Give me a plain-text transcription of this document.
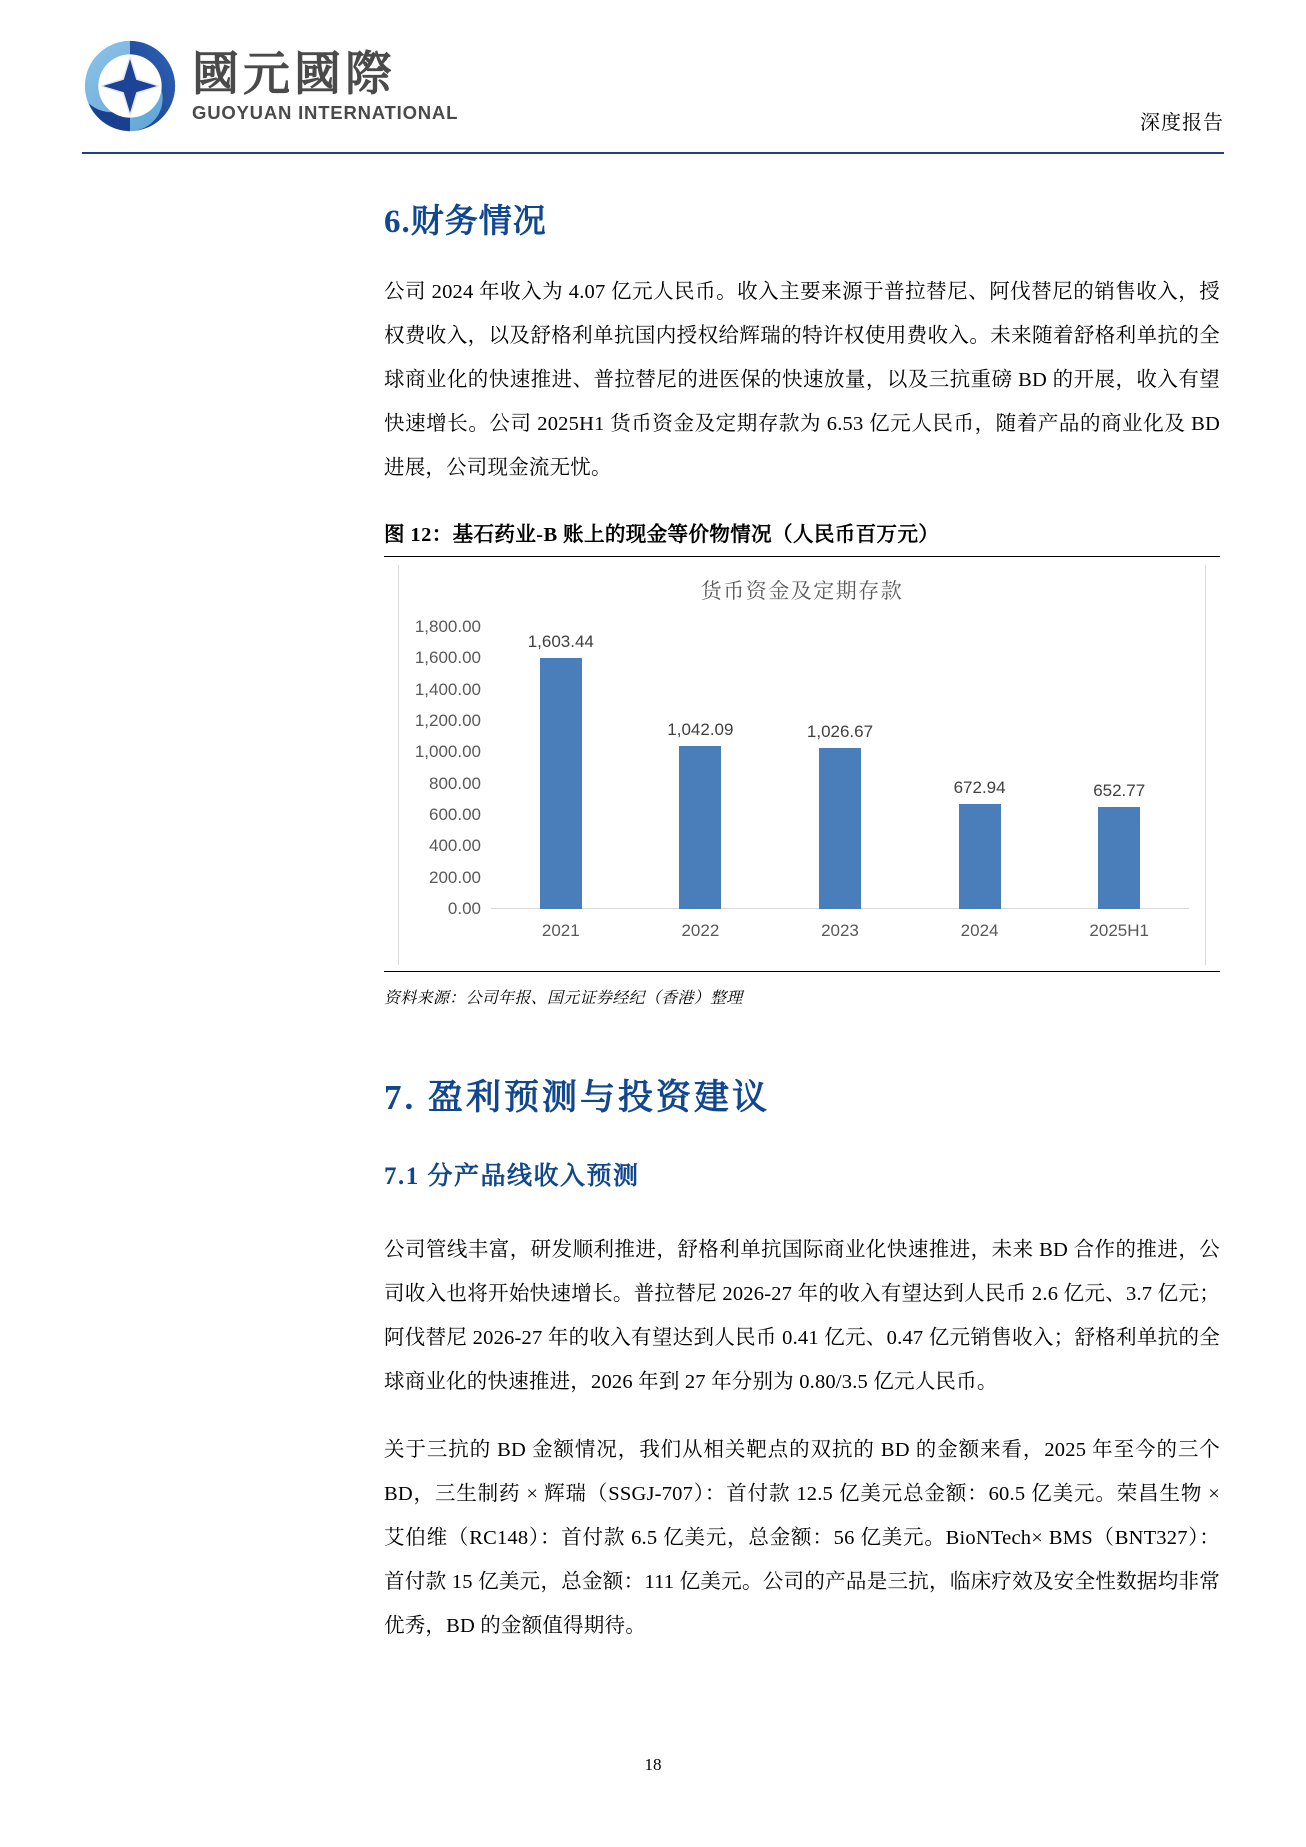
國元國際
GUOYUAN INTERNATIONAL	深度报告
6.财务情况

公司 2024 年收入为 4.07 亿元人民币。收入主要来源于普拉替尼、阿伐替尼的销售收入，授权费收入，以及舒格利单抗国内授权给辉瑞的特许权使用费收入。未来随着舒格利单抗的全球商业化的快速推进、普拉替尼的进医保的快速放量，以及三抗重磅 BD 的开展，收入有望快速增长。公司 2025H1 货币资金及定期存款为 6.53 亿元人民币，随着产品的商业化及 BD 进展，公司现金流无忧。

图 12：基石药业-B 账上的现金等价物情况（人民币百万元）
货币资金及定期存款
1,800.00
1,600.00
1,400.00
1,200.00
1,000.00
800.00
600.00
400.00
200.00
0.00
1,603.44
2021
1,042.09
2022
1,026.67
2023
672.94
2024
652.77
2025H1
资料来源：公司年报、国元证券经纪（香港）整理
7. 盈利预测与投资建议
7.1 分产品线收入预测

公司管线丰富，研发顺利推进，舒格利单抗国际商业化快速推进，未来 BD 合作的推进，公司收入也将开始快速增长。普拉替尼 2026-27 年的收入有望达到人民币 2.6 亿元、3.7 亿元；阿伐替尼 2026-27 年的收入有望达到人民币 0.41 亿元、0.47 亿元销售收入；舒格利单抗的全球商业化的快速推进，2026 年到 27 年分别为 0.80/3.5 亿元人民币。

关于三抗的 BD 金额情况，我们从相关靶点的双抗的 BD 的金额来看，2025 年至今的三个 BD，三生制药 × 辉瑞（SSGJ-707）：首付款 12.5 亿美元总金额：60.5 亿美元。荣昌生物 × 艾伯维（RC148）：首付款 6.5 亿美元，总金额：56 亿美元。BioNTech× BMS（BNT327）：首付款 15 亿美元，总金额：111 亿美元。公司的产品是三抗，临床疗效及安全性数据均非常优秀，BD 的金额值得期待。

18
